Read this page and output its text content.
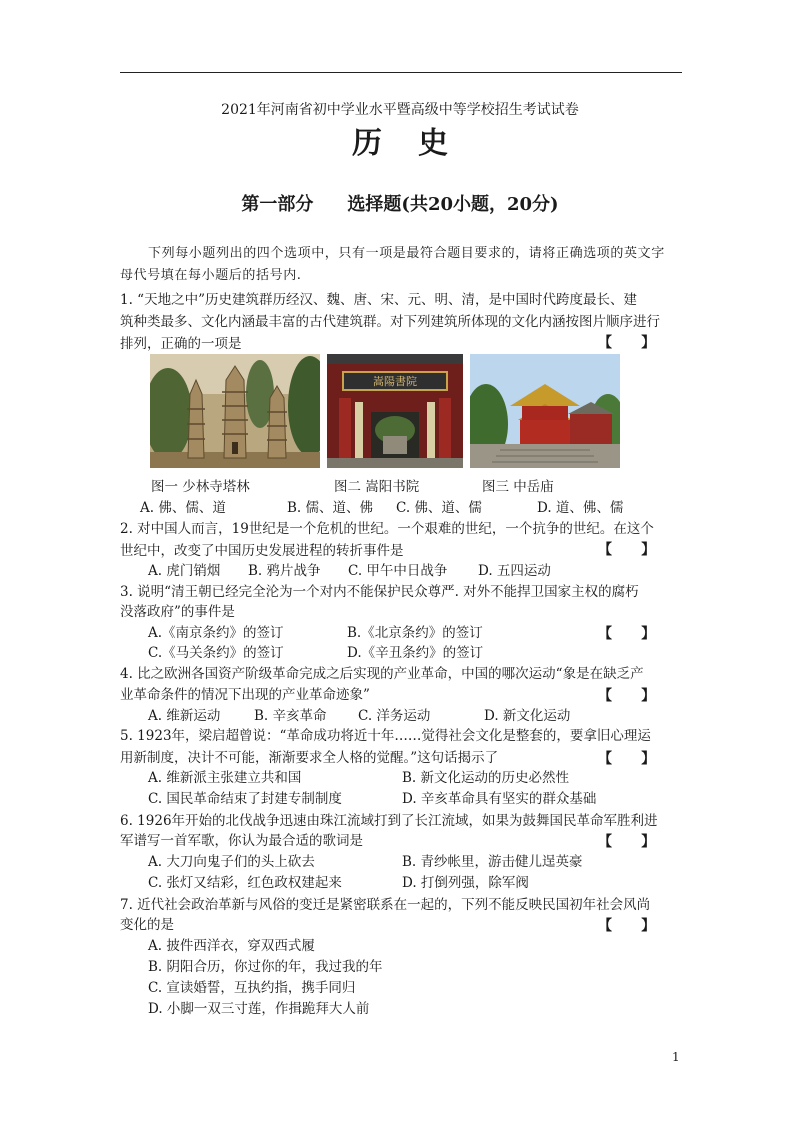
2021年河南省初中学业水平暨高级中等学校招生考试试卷
历史
第一部分 选择题(共20小题，20分)
下列每小题列出的四个选项中，只有一项是最符合题目要求的，请将正确选项的英文字
母代号填在每小题后的括号内.
1. “天地之中”历史建筑群历经汉、魏、唐、宋、元、明、清，是中国时代跨度最长、建
筑种类最多、文化内涵最丰富的古代建筑群。对下列建筑所体现的文化内涵按图片顺序进行
排列，正确的一项是	【      】
嵩陽書院
图一 少林寺塔林	图二 嵩阳书院	图三 中岳庙
A. 佛、儒、道	B. 儒、道、佛 C. 佛、道、儒	D. 道、佛、儒
2. 对中国人而言，19世纪是一个危机的世纪。一个艰难的世纪，一个抗争的世纪。在这个
世纪中，改变了中国历史发展进程的转折事件是	【      】
A. 虎门销烟 B. 鸦片战争 C. 甲午中日战争 D. 五四运动
3. 说明“清王朝已经完全沦为一个对内不能保护民众尊严. 对外不能捍卫国家主权的腐朽
没落政府”的事件是
A.《南京条约》的签订	B.《北京条约》的签订	【      】
C.《马关条约》的签订	D.《辛丑条约》的签订
4. 比之欧洲各国资产阶级革命完成之后实现的产业革命，中国的哪次运动“象是在缺乏产
业革命条件的情况下出现的产业革命迹象”	【      】
A. 维新运动 B. 辛亥革命 C. 洋务运动	D. 新文化运动
5. 1923年，梁启超曾说：“革命成功将近十年……觉得社会文化是整套的，要拿旧心理运
用新制度，决计不可能，渐渐要求全人格的觉醒。”这句话揭示了	【      】
A. 维新派主张建立共和国	B. 新文化运动的历史必然性
C. 国民革命结束了封建专制制度	D. 辛亥革命具有坚实的群众基础
6. 1926年开始的北伐战争迅速由珠江流域打到了长江流域，如果为鼓舞国民革命军胜利进
军谱写一首军歌，你认为最合适的歌词是	【      】
A. 大刀向鬼子们的头上砍去	B. 青纱帐里，游击健儿逞英豪
C. 张灯又结彩，红色政权建起来	D. 打倒列强，除军阀
7. 近代社会政治革新与风俗的变迁是紧密联系在一起的，下列不能反映民国初年社会风尚
变化的是	【      】
A. 披件西洋衣，穿双西式履
B. 阴阳合历，你过你的年，我过我的年
C. 宣读婚誓，互执约指，携手同归
D. 小脚一双三寸莲，作揖跪拜大人前
1
